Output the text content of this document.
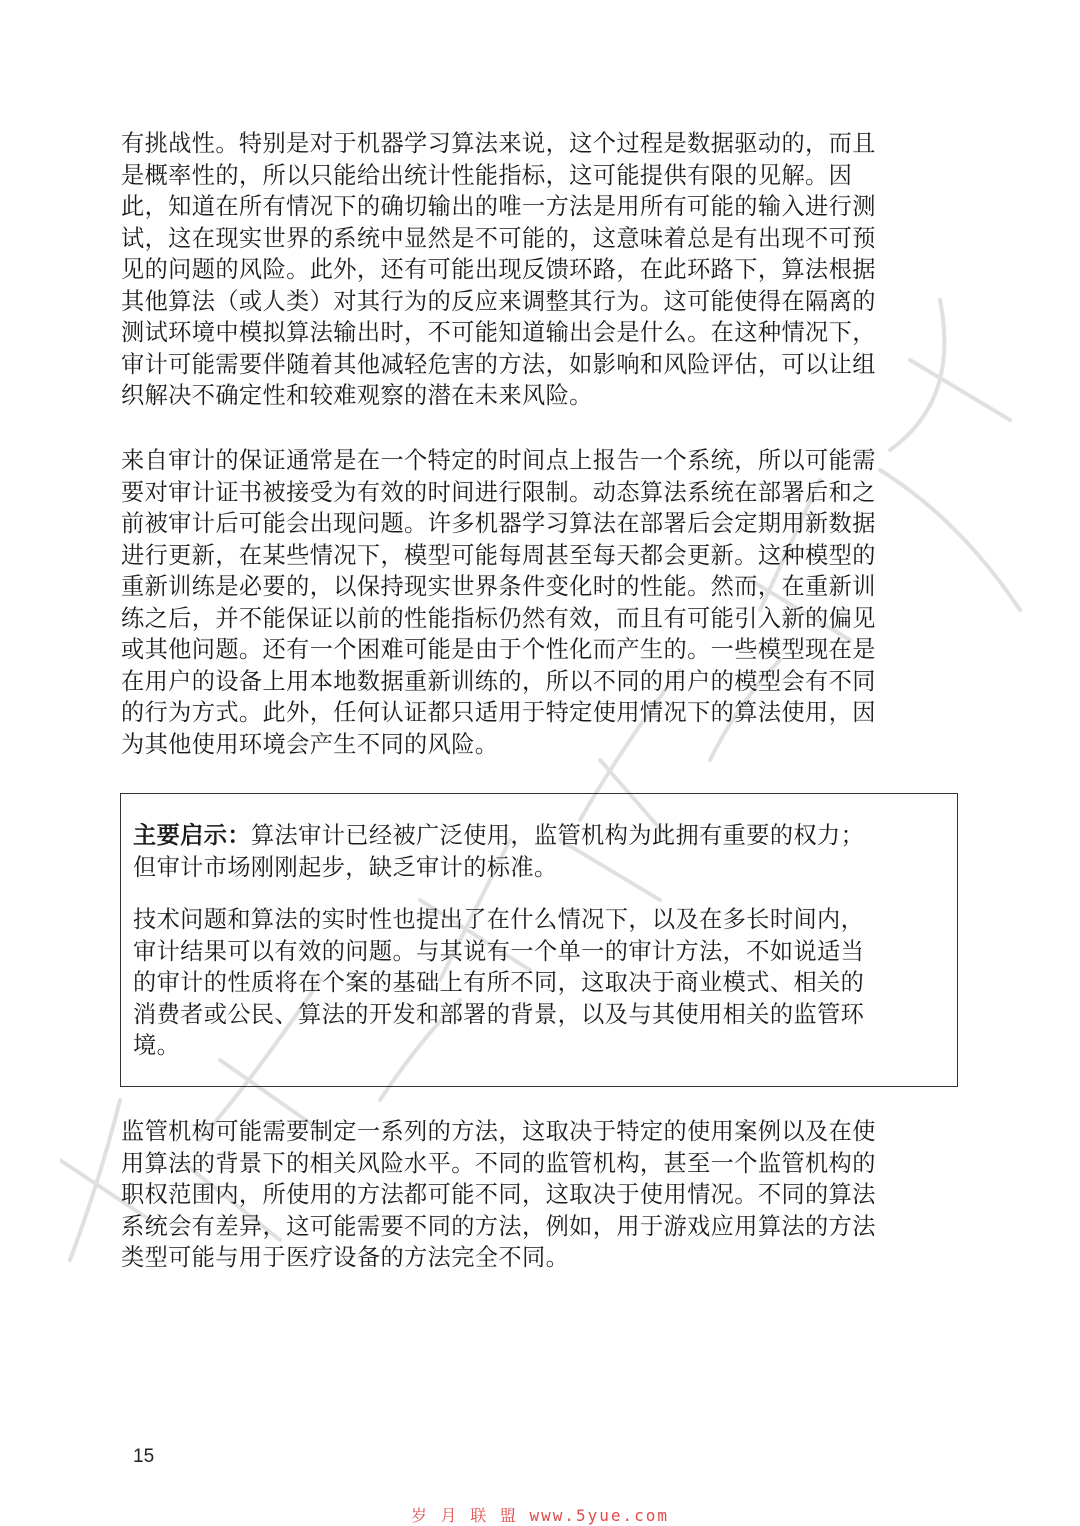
有挑战性。特别是对于机器学习算法来说，这个过程是数据驱动的，而且
是概率性的，所以只能给出统计性能指标，这可能提供有限的见解。因
此，知道在所有情况下的确切输出的唯一方法是用所有可能的输入进行测
试，这在现实世界的系统中显然是不可能的，这意味着总是有出现不可预
见的问题的风险。此外，还有可能出现反馈环路，在此环路下，算法根据
其他算法（或人类）对其行为的反应来调整其行为。这可能使得在隔离的
测试环境中模拟算法输出时，不可能知道输出会是什么。在这种情况下，
审计可能需要伴随着其他减轻危害的方法，如影响和风险评估，可以让组
织解决不确定性和较难观察的潜在未来风险。

来自审计的保证通常是在一个特定的时间点上报告一个系统，所以可能需
要对审计证书被接受为有效的时间进行限制。动态算法系统在部署后和之
前被审计后可能会出现问题。许多机器学习算法在部署后会定期用新数据
进行更新，在某些情况下，模型可能每周甚至每天都会更新。这种模型的
重新训练是必要的，以保持现实世界条件变化时的性能。然而，在重新训
练之后，并不能保证以前的性能指标仍然有效，而且有可能引入新的偏见
或其他问题。还有一个困难可能是由于个性化而产生的。一些模型现在是
在用户的设备上用本地数据重新训练的，所以不同的用户的模型会有不同
的行为方式。此外，任何认证都只适用于特定使用情况下的算法使用，因
为其他使用环境会产生不同的风险。

主要启示：算法审计已经被广泛使用，监管机构为此拥有重要的权力；
但审计市场刚刚起步，缺乏审计的标准。

技术问题和算法的实时性也提出了在什么情况下，以及在多长时间内，
审计结果可以有效的问题。与其说有一个单一的审计方法，不如说适当
的审计的性质将在个案的基础上有所不同，这取决于商业模式、相关的
消费者或公民、算法的开发和部署的背景，以及与其使用相关的监管环
境。

监管机构可能需要制定一系列的方法，这取决于特定的使用案例以及在使
用算法的背景下的相关风险水平。不同的监管机构，甚至一个监管机构的
职权范围内，所使用的方法都可能不同，这取决于使用情况。不同的算法
系统会有差异，这可能需要不同的方法，例如，用于游戏应用算法的方法
类型可能与用于医疗设备的方法完全不同。

15
岁 月 联 盟 www.5yue.com
